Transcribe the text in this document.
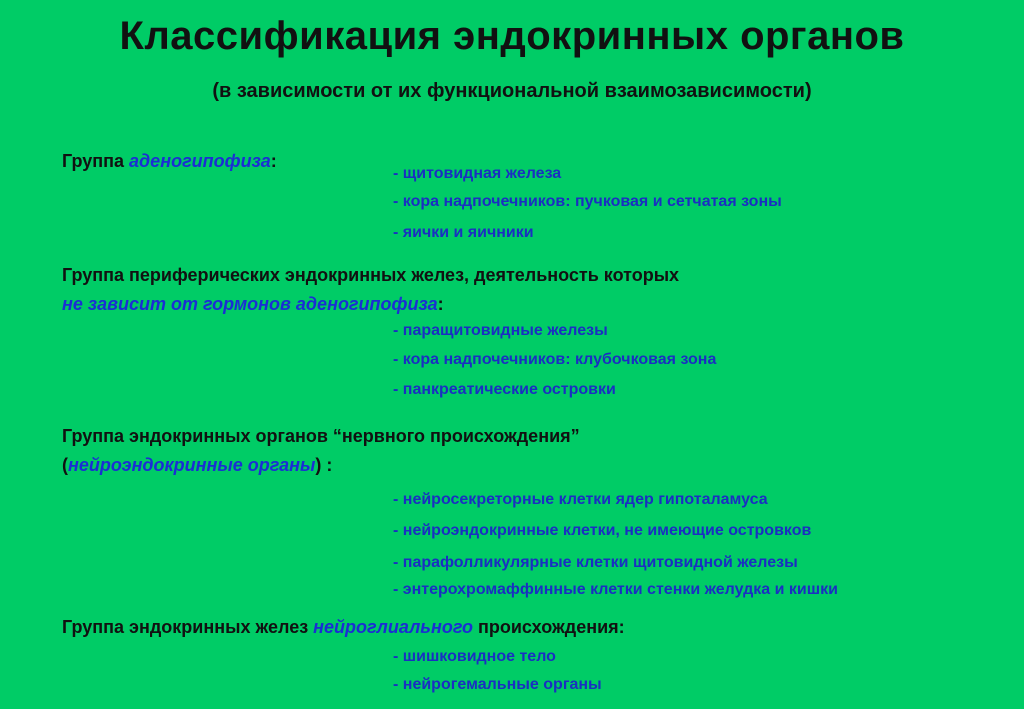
Классификация эндокринных органов
(в зависимости от их функциональной взаимозависимости)
Группа аденогипофиза:
- щитовидная железа
- кора надпочечников: пучковая и сетчатая зоны
- яички и яичники
Группа периферических эндокринных желез, деятельность которых
не зависит от гормонов аденогипофиза:
- паращитовидные железы
- кора надпочечников: клубочковая зона
- панкреатические островки
Группа эндокринных органов “нервного происхождения”
(нейроэндокринные органы) :
- нейросекреторные клетки ядер гипоталамуса
- нейроэндокринные клетки, не имеющие островков
- парафолликулярные клетки щитовидной железы
- энтерохромаффинные клетки стенки желудка и кишки
Группа эндокринных желез нейроглиального происхождения:
- шишковидное тело
- нейрогемальные органы
